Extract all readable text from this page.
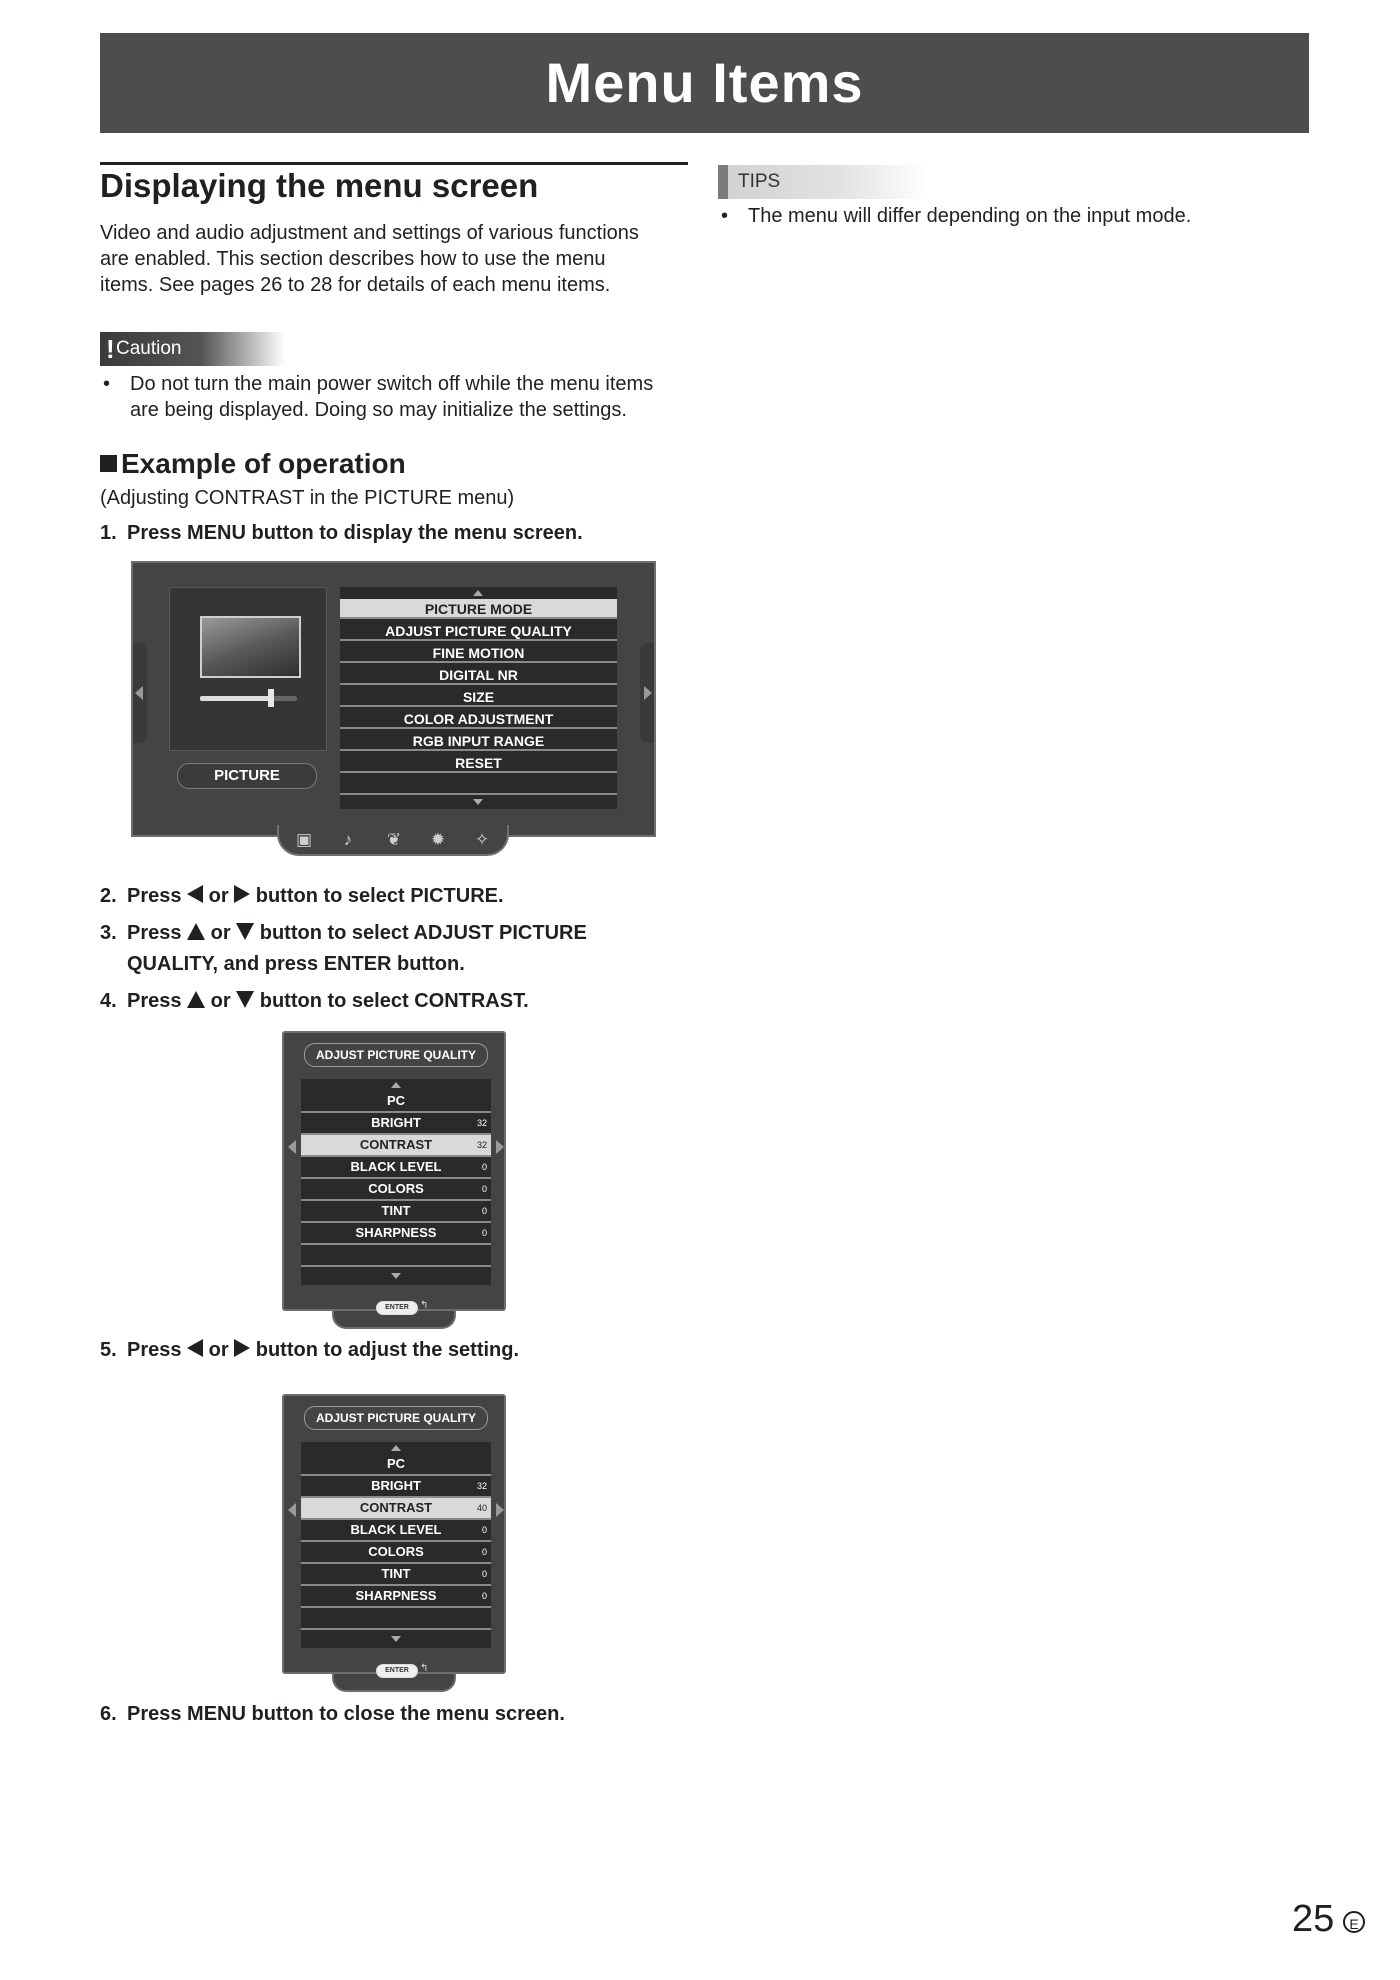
Menu Items
Displaying the menu screen
Video and audio adjustment and settings of various functions
are enabled. This section describes how to use the menu
items. See pages 26 to 28 for details of each menu items.
!Caution
• Do not turn the main power switch off while the menu items
are being displayed. Doing so may initialize the settings.
Example of operation
(Adjusting CONTRAST in the PICTURE menu)
1. Press MENU button to display the menu screen.
PICTURE
PICTURE MODE
ADJUST PICTURE QUALITY
FINE MOTION
DIGITAL NR
SIZE
COLOR ADJUSTMENT
RGB INPUT RANGE
RESET
▣	♪	❦ ✹ ✧
2. Press or button to select PICTURE.
3. Press or button to select ADJUST PICTURE
QUALITY, and press ENTER button.
4. Press or button to select CONTRAST.
ADJUST PICTURE QUALITY
PC
BRIGHT	32
CONTRAST	32
BLACK LEVEL	0
COLORS	0
TINT	0
SHARPNESS	0
ENTER	↰
5. Press or button to adjust the setting.
ADJUST PICTURE QUALITY
PC
BRIGHT	32
CONTRAST	40
BLACK LEVEL	0
COLORS	0
TINT	0
SHARPNESS	0
ENTER	↰
6. Press MENU button to close the menu screen.
TIPS
• The menu will differ depending on the input mode.
25	E
